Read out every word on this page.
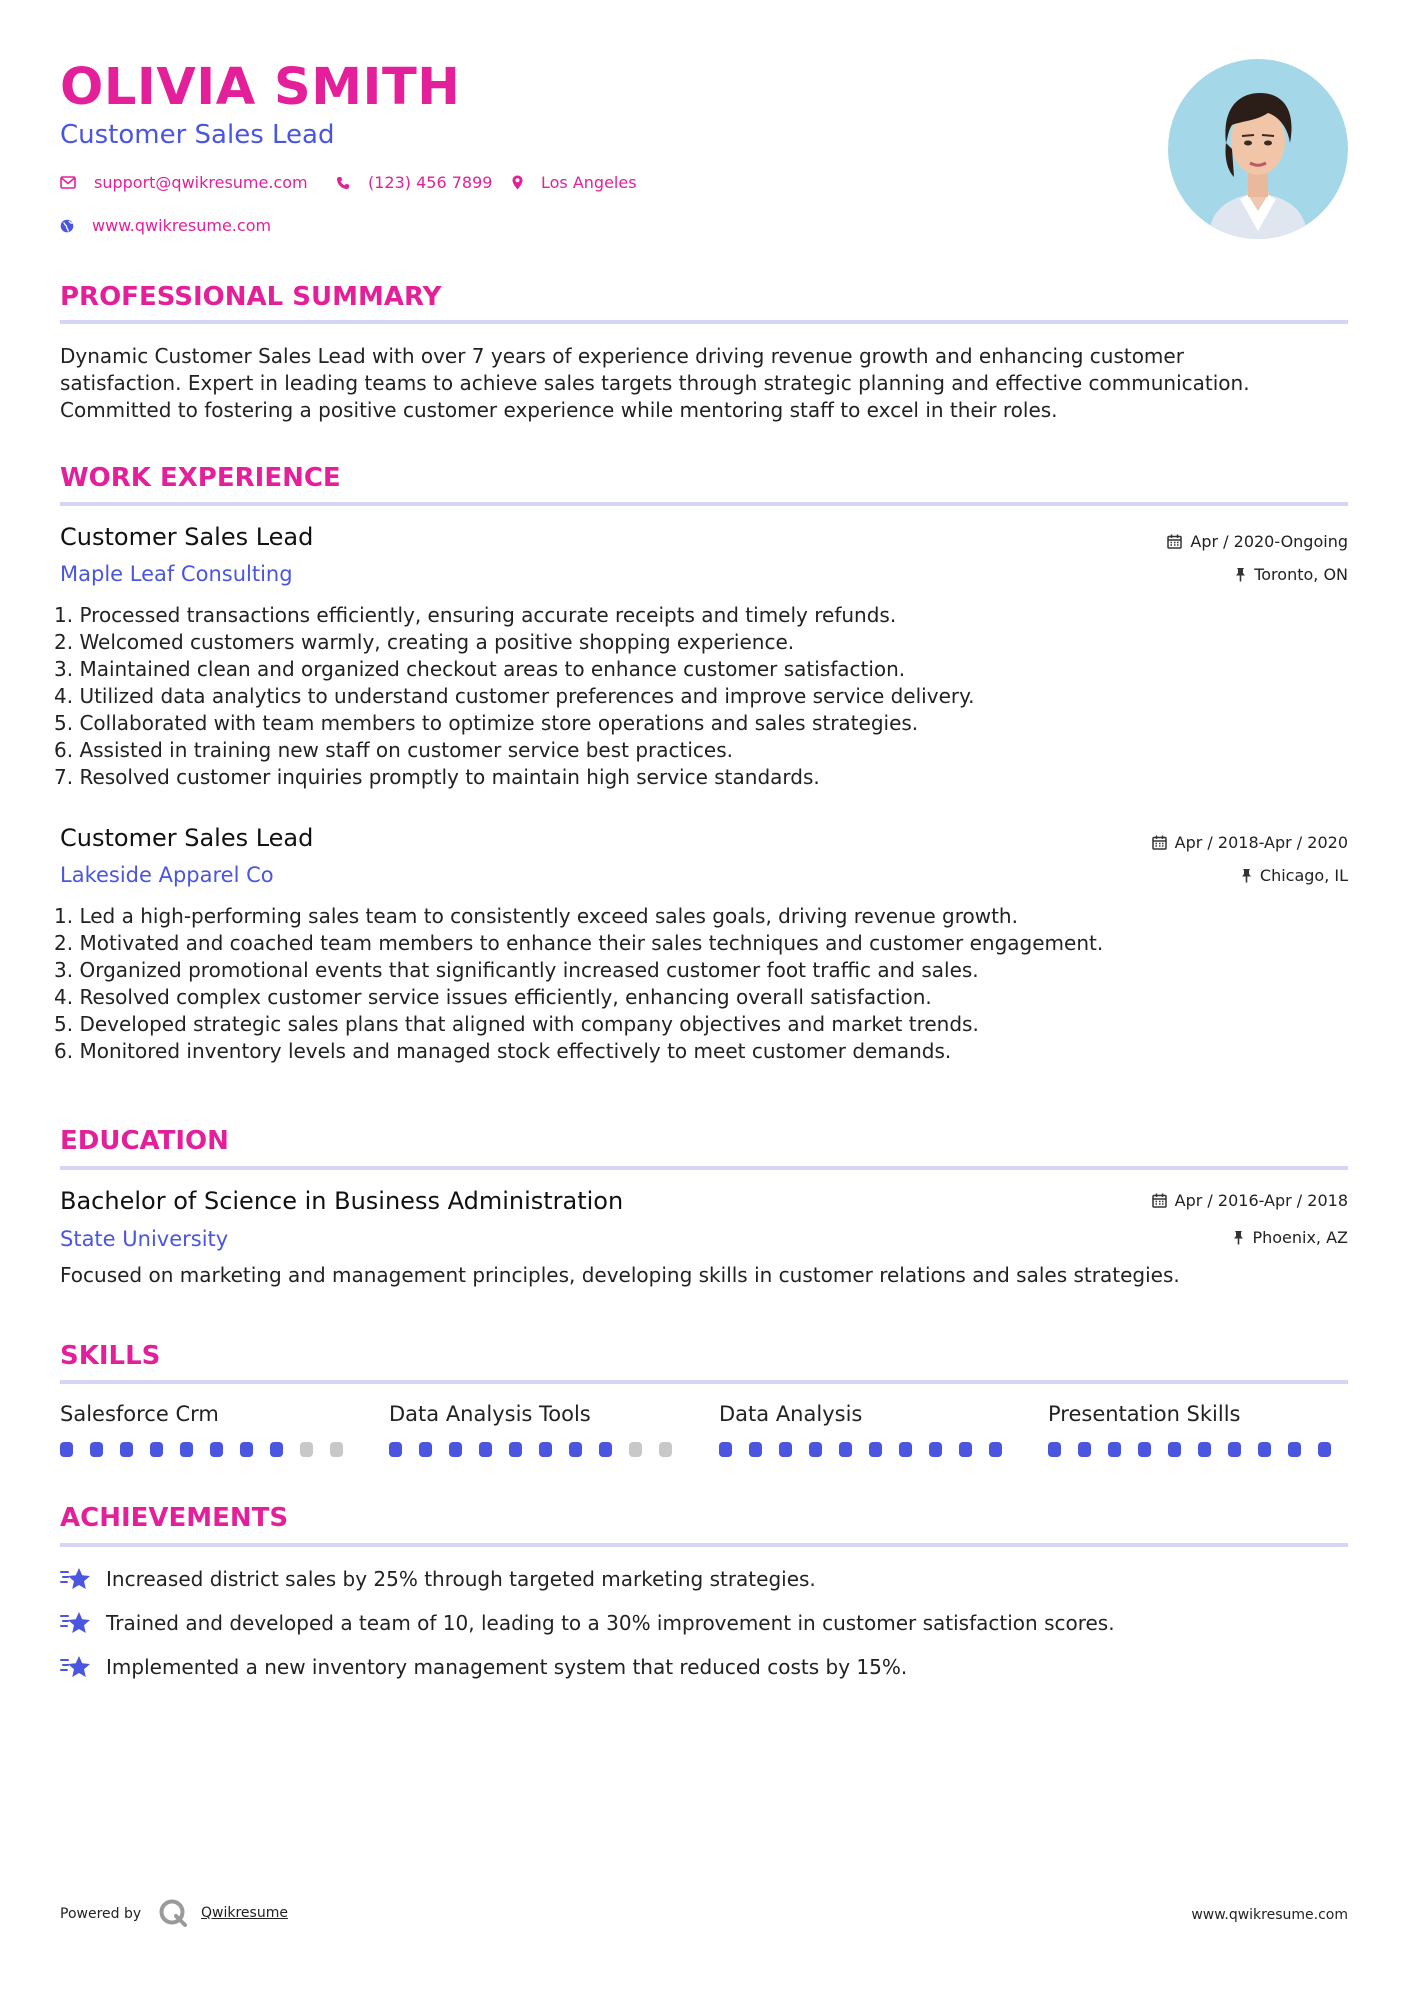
OLIVIA SMITH
Customer Sales Lead
support@qwikresume.com	(123) 456 7899	Los Angeles
www.qwikresume.com
PROFESSIONAL SUMMARY
Dynamic Customer Sales Lead with over 7 years of experience driving revenue growth and enhancing customer
satisfaction. Expert in leading teams to achieve sales targets through strategic planning and effective communication.
Committed to fostering a positive customer experience while mentoring staff to excel in their roles.
WORK EXPERIENCE
Customer Sales Lead
Maple Leaf Consulting
Apr / 2020-Ongoing
Toronto, ON
1. Processed transactions efficiently, ensuring accurate receipts and timely refunds.
2. Welcomed customers warmly, creating a positive shopping experience.
3. Maintained clean and organized checkout areas to enhance customer satisfaction.
4. Utilized data analytics to understand customer preferences and improve service delivery.
5. Collaborated with team members to optimize store operations and sales strategies.
6. Assisted in training new staff on customer service best practices.
7. Resolved customer inquiries promptly to maintain high service standards.
Customer Sales Lead
Lakeside Apparel Co
Apr / 2018-Apr / 2020
Chicago, IL
1. Led a high-performing sales team to consistently exceed sales goals, driving revenue growth.
2. Motivated and coached team members to enhance their sales techniques and customer engagement.
3. Organized promotional events that significantly increased customer foot traffic and sales.
4. Resolved complex customer service issues efficiently, enhancing overall satisfaction.
5. Developed strategic sales plans that aligned with company objectives and market trends.
6. Monitored inventory levels and managed stock effectively to meet customer demands.
EDUCATION
Bachelor of Science in Business Administration
State University
Apr / 2016-Apr / 2018
Phoenix, AZ
Focused on marketing and management principles, developing skills in customer relations and sales strategies.
SKILLS
Salesforce Crm	Data Analysis Tools	Data Analysis	Presentation Skills
ACHIEVEMENTS
Increased district sales by 25% through targeted marketing strategies.
Trained and developed a team of 10, leading to a 30% improvement in customer satisfaction scores.
Implemented a new inventory management system that reduced costs by 15%.
Powered by	Qwikresume	www.qwikresume.com
